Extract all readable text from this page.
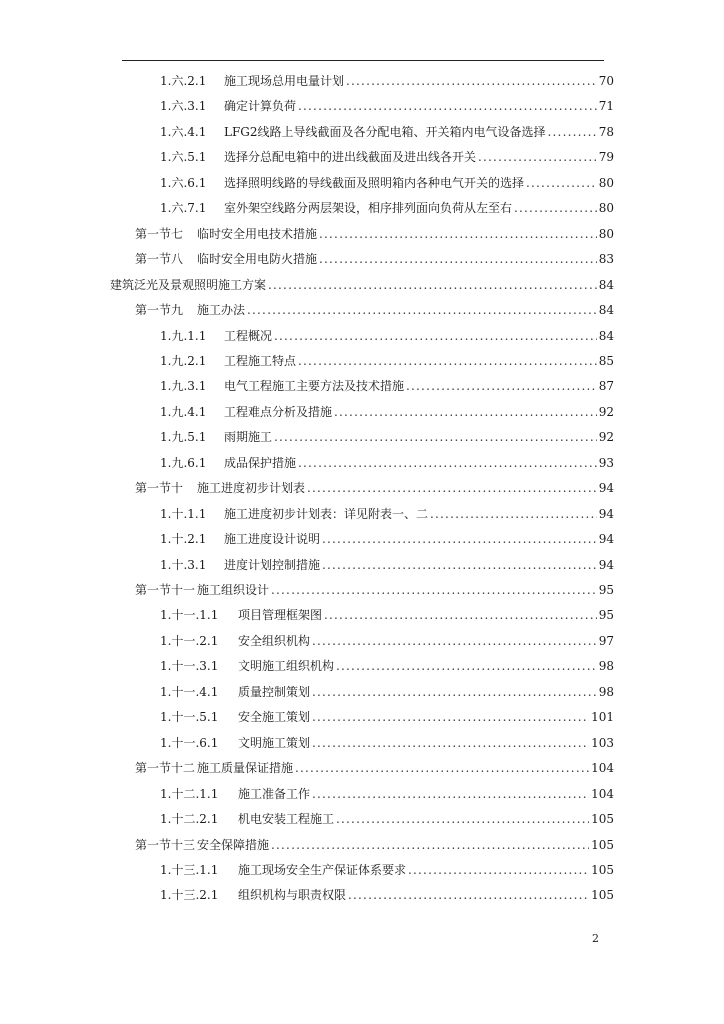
1.六.2.1	施工现场总用电量计划 .....	70
1.六.3.1	确定计算负荷 .....	71
1.六.4.1	LFG2线路上导线截面及各分配电箱、开关箱内电气设备选择 .....	78
1.六.5.1	选择分总配电箱中的进出线截面及进出线各开关 .....	79
1.六.6.1	选择照明线路的导线截面及照明箱内各种电气开关的选择 .....	80
1.六.7.1	室外架空线路分两层架设，相序排列面向负荷从左至右 .....	80
第一节七	临时安全用电技术措施 .....	80
第一节八	临时安全用电防火措施 .....	83
建筑泛光及景观照明施工方案 .....	84
第一节九	施工办法 .....	84
1.九.1.1	工程概况 .....	84
1.九.2.1	工程施工特点 .....	85
1.九.3.1	电气工程施工主要方法及技术措施 .....	87
1.九.4.1	工程难点分析及措施 .....	92
1.九.5.1	雨期施工 .....	92
1.九.6.1	成品保护措施 .....	93
第一节十	施工进度初步计划表 .....	94
1.十.1.1	施工进度初步计划表：详见附表一、二 .....	94
1.十.2.1	施工进度设计说明 .....	94
1.十.3.1	进度计划控制措施 .....	94
第一节十一 施工组织设计 .....	95
1.十一.1.1	项目管理框架图 .....	95
1.十一.2.1	安全组织机构 .....	97
1.十一.3.1	文明施工组织机构 .....	98
1.十一.4.1	质量控制策划 .....	98
1.十一.5.1	安全施工策划 .....	101
1.十一.6.1	文明施工策划 .....	103
第一节十二 施工质量保证措施 .....	104
1.十二.1.1	施工准备工作 .....	104
1.十二.2.1	机电安装工程施工 .....	105
第一节十三 安全保障措施 .....	105
1.十三.1.1	施工现场安全生产保证体系要求 .....	105
1.十三.2.1	组织机构与职责权限 .....	105
2
